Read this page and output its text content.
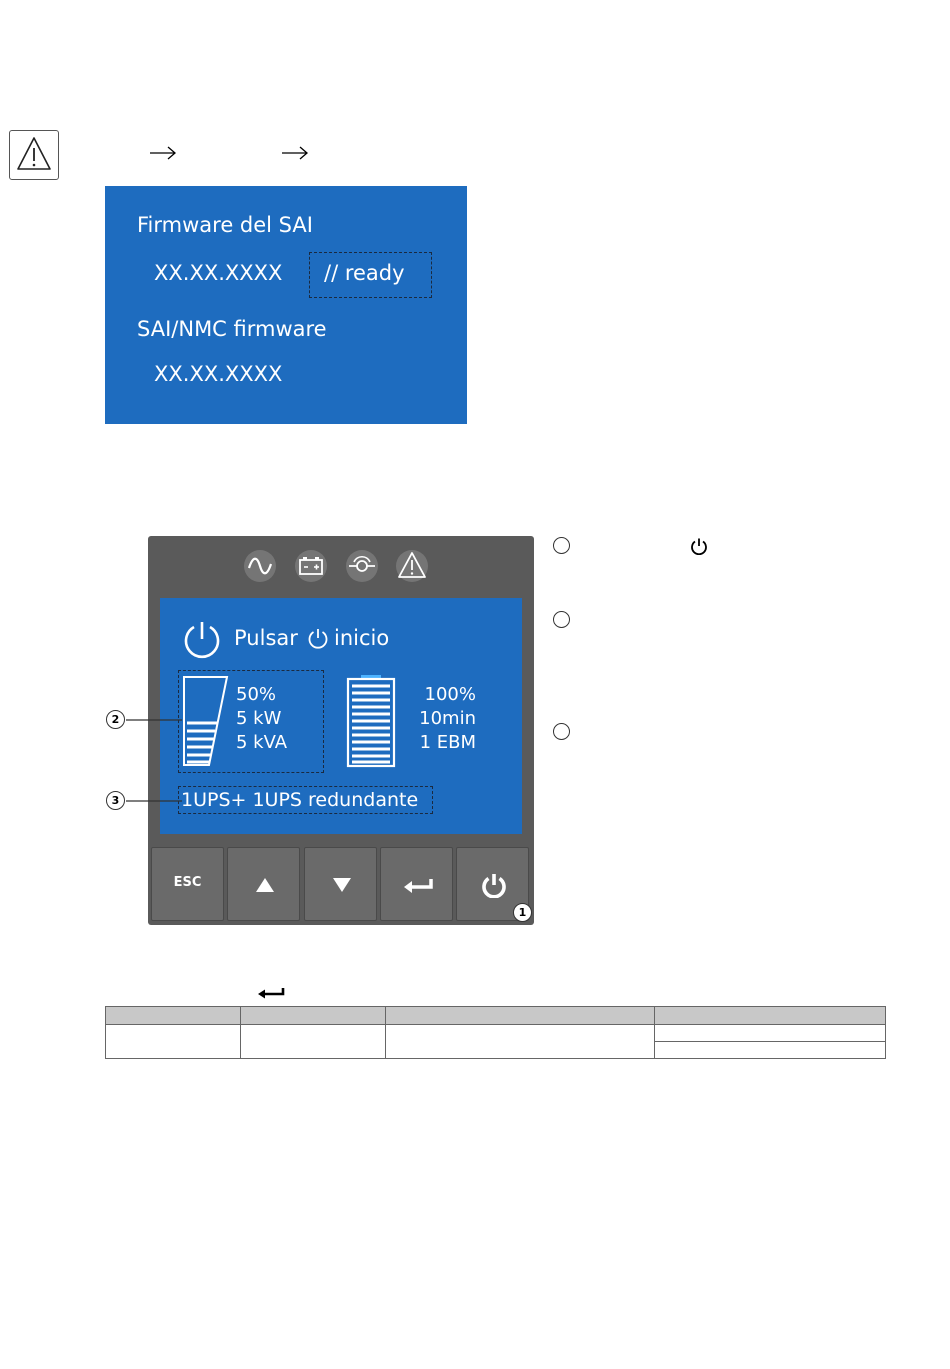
Firmware del SAI
XX.XX.XXXX // ready
SAI/NMC firmware
XX.XX.XXXX
Pulsar inicio
50%
5 kW
5 kVA
100%
10min
1 EBM
1UPS+ 1UPS redundante
ESC
1
2
3
